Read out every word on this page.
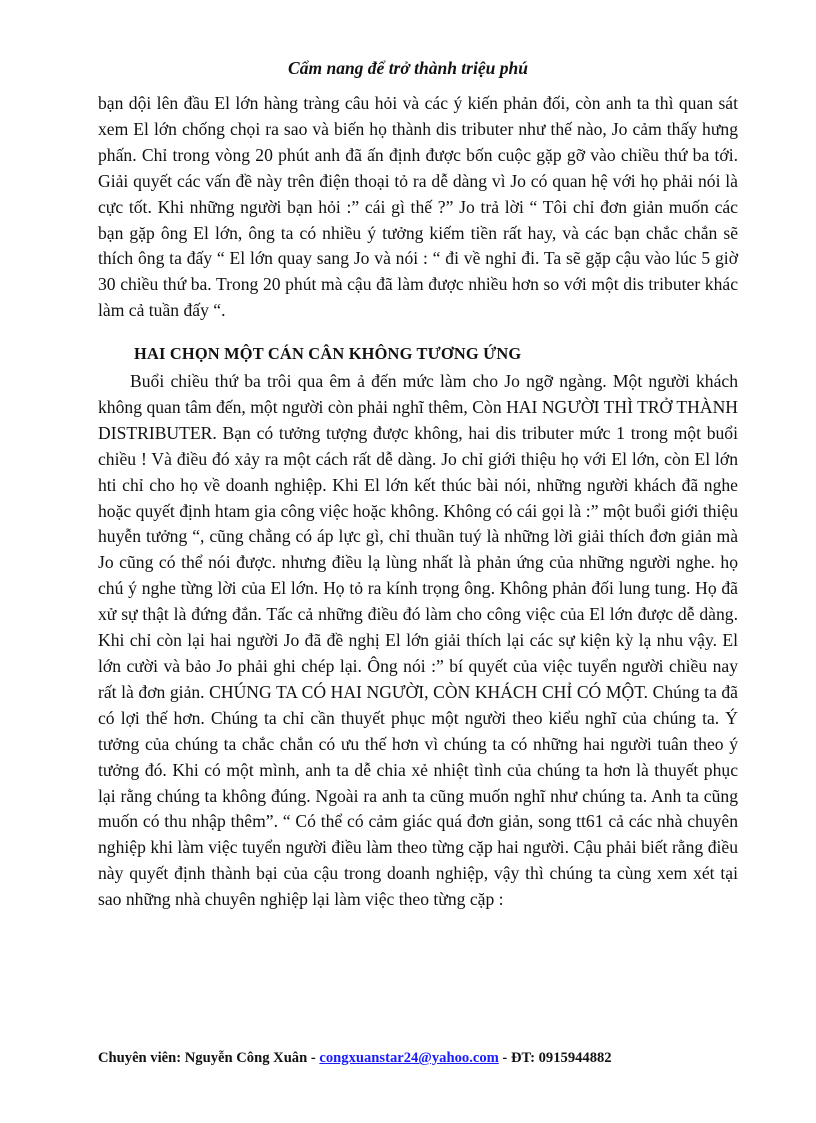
Cẩm nang để trở thành triệu phú

bạn dội lên đầu El lớn hàng tràng câu hỏi và các ý kiến phản đối, còn anh ta thì quan sát xem El lớn chống chọi ra sao và biến họ thành dis tributer như thế nào, Jo cảm thấy hưng phấn. Chỉ trong vòng 20 phút anh đã ấn định được bốn cuộc gặp gỡ vào chiều thứ ba tới. Giải quyết các vấn đề này trên điện thoại tỏ ra dễ dàng vì Jo có quan hệ với họ phải nói là cực tốt. Khi những người bạn hỏi :” cái gì thế ?” Jo trả lời “ Tôi chỉ đơn giản muốn các bạn gặp ông El lớn, ông ta có nhiều ý tưởng kiếm tiền rất hay, và các bạn chắc chắn sẽ thích ông ta đấy “ El lớn quay sang Jo và nói : “ đi về nghỉ đi. Ta sẽ gặp cậu vào lúc 5 giờ 30 chiều thứ ba. Trong 20 phút mà cậu đã làm được nhiều hơn so với một dis tributer khác làm cả tuần đấy “.

HAI CHỌN MỘT CÁN CÂN KHÔNG TƯƠNG ỨNG

Buổi chiều thứ ba trôi qua êm ả đến mức làm cho Jo ngỡ ngàng. Một người khách không quan tâm đến, một người còn phải nghĩ thêm, Còn HAI NGƯỜI THÌ TRỞ THÀNH DISTRIBUTER. Bạn có tưởng tượng được không, hai dis tributer mức 1 trong một buổi chiều ! Và điều đó xảy ra một cách rất dễ dàng. Jo chỉ giới thiệu họ với El lớn, còn El lớn hti chỉ cho họ về doanh nghiệp. Khi El lớn kết thúc bài nói, những người khách đã nghe hoặc quyết định htam gia công việc hoặc không. Không có cái gọi là :” một buổi giới thiệu huyễn tưởng “, cũng chẳng có áp lực gì, chỉ thuần tuý là những lời giải thích đơn giản mà Jo cũng có thể nói được. nhưng điều lạ lùng nhất là phản ứng của những người nghe. họ chú ý nghe từng lời của El lớn. Họ tỏ ra kính trọng ông. Không phản đối lung tung. Họ đã xử sự thật là đứng đắn. Tấc cả những điều đó làm cho công việc của El lớn được dễ dàng. Khi chỉ còn lại hai người Jo đã đề nghị El lớn giải thích lại các sự kiện kỳ lạ nhu vậy. El lớn cười và bảo Jo phải ghi chép lại. Ông nói :” bí quyết của việc tuyển người chiều nay rất là đơn giản. CHÚNG TA CÓ HAI NGƯỜI, CÒN KHÁCH CHỈ CÓ MỘT. Chúng ta đã có lợi thế hơn. Chúng ta chỉ cần thuyết phục một người theo kiểu nghĩ của chúng ta. Ý tưởng của chúng ta chắc chắn có ưu thế hơn vì chúng ta có những hai người tuân theo ý tưởng đó. Khi có một mình, anh ta dễ chia xẻ nhiệt tình của chúng ta hơn là thuyết phục lại rằng chúng ta không đúng. Ngoài ra anh ta cũng muốn nghĩ như chúng ta. Anh ta cũng muốn có thu nhập thêm”. “ Có thể có cảm giác quá đơn giản, song tt61 cả các nhà chuyên nghiệp khi làm việc tuyển người điều làm theo từng cặp hai người. Cậu phải biết rằng điều này quyết định thành bại của cậu trong doanh nghiệp, vậy thì chúng ta cùng xem xét tại sao những nhà chuyên nghiệp lại làm việc theo từng cặp :

Chuyên viên: Nguyễn Công Xuân - congxuanstar24@yahoo.com - ĐT: 0915944882
